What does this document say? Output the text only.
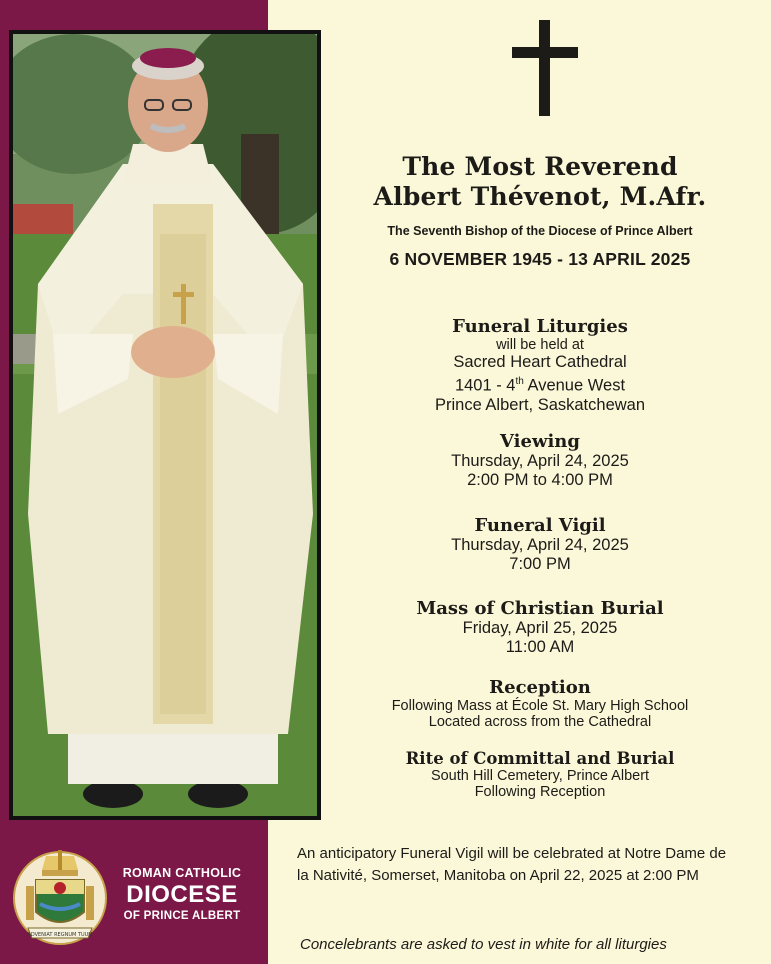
The Most Reverend
Albert Thévenot, M.Afr.
The Seventh Bishop of the Diocese of Prince Albert
6 NOVEMBER 1945 - 13 APRIL 2025
Funeral Liturgies
will be held at
Sacred Heart Cathedral
1401 - 4th Avenue West
Prince Albert, Saskatchewan
Viewing
Thursday, April 24, 2025
2:00 PM to 4:00 PM
Funeral Vigil
Thursday, April 24, 2025
7:00 PM
Mass of Christian Burial
Friday, April 25, 2025
11:00 AM
Reception
Following Mass at École St. Mary High School
Located across from the Cathedral
Rite of Committal and Burial
South Hill Cemetery, Prince Albert
Following Reception
ADVENIAT REGNUM TUUM
ROMAN CATHOLIC
DIOCESE
OF PRINCE ALBERT
An anticipatory Funeral Vigil will be celebrated at Notre Dame de la Nativité, Somerset, Manitoba on April 22, 2025 at 2:00 PM
Concelebrants are asked to vest in white for all liturgies
